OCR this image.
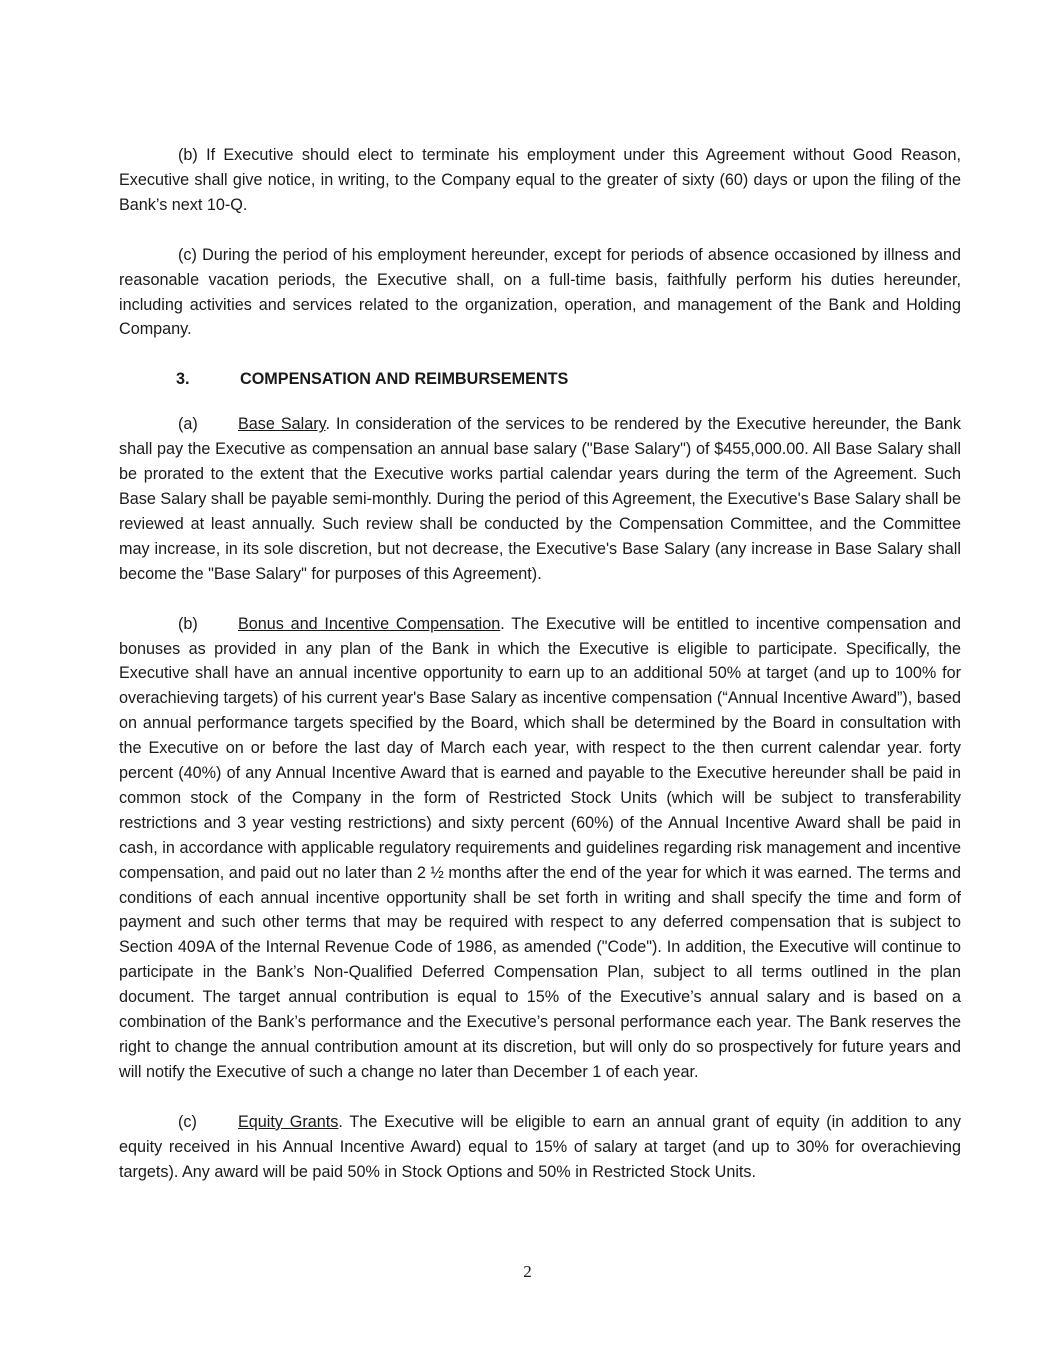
(b) If Executive should elect to terminate his employment under this Agreement without Good Reason, Executive shall give notice, in writing, to the Company equal to the greater of sixty (60) days or upon the filing of the Bank’s next 10-Q.

(c) During the period of his employment hereunder, except for periods of absence occasioned by illness and reasonable vacation periods, the Executive shall, on a full-time basis, faithfully perform his duties hereunder, including activities and services related to the organization, operation, and management of the Bank and Holding Company.

3.	COMPENSATION AND REIMBURSEMENTS

(a) Base Salary. In consideration of the services to be rendered by the Executive hereunder, the Bank shall pay the Executive as compensation an annual base salary ("Base Salary") of $455,000.00. All Base Salary shall be prorated to the extent that the Executive works partial calendar years during the term of the Agreement. Such Base Salary shall be payable semi-monthly. During the period of this Agreement, the Executive's Base Salary shall be reviewed at least annually. Such review shall be conducted by the Compensation Committee, and the Committee may increase, in its sole discretion, but not decrease, the Executive's Base Salary (any increase in Base Salary shall become the "Base Salary" for purposes of this Agreement).

(b) Bonus and Incentive Compensation. The Executive will be entitled to incentive compensation and bonuses as provided in any plan of the Bank in which the Executive is eligible to participate. Specifically, the Executive shall have an annual incentive opportunity to earn up to an additional 50% at target (and up to 100% for overachieving targets) of his current year's Base Salary as incentive compensation (“Annual Incentive Award”), based on annual performance targets specified by the Board, which shall be determined by the Board in consultation with the Executive on or before the last day of March each year, with respect to the then current calendar year. forty percent (40%) of any Annual Incentive Award that is earned and payable to the Executive hereunder shall be paid in common stock of the Company in the form of Restricted Stock Units (which will be subject to transferability restrictions and 3 year vesting restrictions) and sixty percent (60%) of the Annual Incentive Award shall be paid in cash, in accordance with applicable regulatory requirements and guidelines regarding risk management and incentive compensation, and paid out no later than 2 ½ months after the end of the year for which it was earned. The terms and conditions of each annual incentive opportunity shall be set forth in writing and shall specify the time and form of payment and such other terms that may be required with respect to any deferred compensation that is subject to Section 409A of the Internal Revenue Code of 1986, as amended ("Code"). In addition, the Executive will continue to participate in the Bank’s Non-Qualified Deferred Compensation Plan, subject to all terms outlined in the plan document. The target annual contribution is equal to 15% of the Executive’s annual salary and is based on a combination of the Bank’s performance and the Executive’s personal performance each year. The Bank reserves the right to change the annual contribution amount at its discretion, but will only do so prospectively for future years and will notify the Executive of such a change no later than December 1 of each year.

(c)	Equity Grants. The Executive will be eligible to earn an annual grant of equity (in addition to any equity received in his Annual Incentive Award) equal to 15% of salary at target (and up to 30% for overachieving targets). Any award will be paid 50% in Stock Options and 50% in Restricted Stock Units.

2
